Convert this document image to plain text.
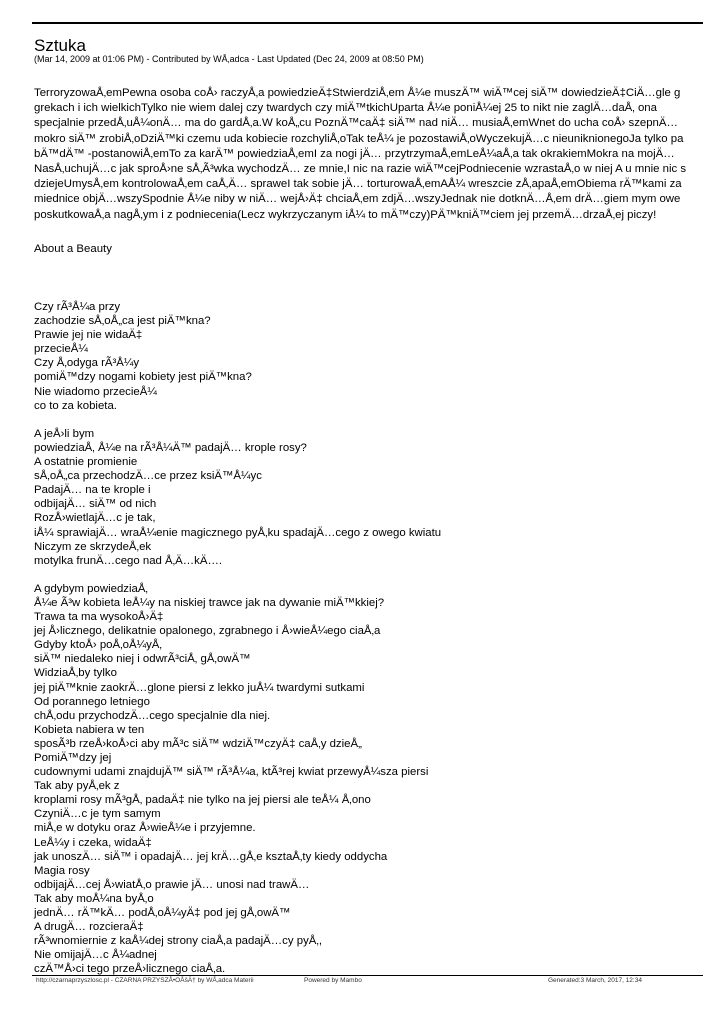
Sztuka
(Mar 14, 2009 at 01:06 PM) - Contributed by WÅ‚adca - Last Updated (Dec 24, 2009 at 08:50 PM)
TerroryzowaÅ‚emPewna osoba coÅ› raczyÅ‚a powiedzieÄ‡StwierdziÅ‚em Å¼e muszÄ™ wiÄ™cej siÄ™ dowiedzieÄ‡CiÄ…gle g
grekach i ich wielkichTylko nie wiem dalej czy twardych czy miÄ™tkichUparta Å¼e poniÅ¼ej 25 to nikt nie zaglÄ…daÅ‚ ona
specjalnie przedÅ‚uÅ¼onÄ… ma do gardÅ‚a.W koÅ„cu PoznÄ™caÄ‡ siÄ™ nad niÄ… musiaÅ‚emWnet do ucha coÅ› szepnÄ…
mokro siÄ™ zrobiÅ‚oDziÄ™ki czemu uda kobiecie rozchyliÅ‚oTak teÅ¼ je pozostawiÅ‚oWyczekujÄ…c nieuniknionegoJa tylko pa
bÄ™dÄ™ -postanowiÅ‚emTo za karÄ™ powiedziaÅ‚emI za nogi jÄ… przytrzymaÅ‚emLeÅ¼aÅ‚a tak okrakiemMokra na mojÄ…
NasÅ‚uchujÄ…c jak sproÅ›ne sÅ‚Ã³wka wychodzÄ… ze mnie,I nic na razie wiÄ™cejPodniecenie wzrastaÅ‚o w niej A u mnie nic s
dziejeUmysÅ‚em kontrolowaÅ‚em caÅ‚Ä… spraweI tak sobie jÄ… torturowaÅ‚emAÅ¼ wreszcie zÅ‚apaÅ‚emObiema rÄ™kami za
miednice objÄ…wszySpodnie Å¼e niby w niÄ… wejÅ›Ä‡ chciaÅ‚em zdjÄ…wszyJednak nie dotknÄ…Å‚em drÄ…giem mym owe
poskutkowaÅ‚a nagÅ‚ym i z podniecenia(Lecz wykrzyczanym iÅ¼ to mÄ™czy)PÄ™kniÄ™ciem jej przemÄ…drzaÅ‚ej piczy!
About a Beauty
Czy rÃ³Å¼a przy
zachodzie sÅ‚oÅ„ca jest piÄ™kna?
Prawie jej nie widaÄ‡
przecieÅ¼
Czy Å‚odyga rÃ³Å¼y
pomiÄ™dzy nogami kobiety jest piÄ™kna?
Nie wiadomo przecieÅ¼
co to za kobieta.
A jeÅ›li bym
powiedziaÅ‚ Å¼e na rÃ³Å¼Ä™ padajÄ… krople rosy?
A ostatnie promienie
sÅ‚oÅ„ca przechodzÄ…ce przez ksiÄ™Å¼yc
PadajÄ… na te krople i
odbijajÄ… siÄ™ od nich
RozÅ›wietlajÄ…c je tak,
iÅ¼ sprawiajÄ… wraÅ¼enie magicznego pyÅ‚ku spadajÄ…cego z owego kwiatu
Niczym ze skrzydeÅ‚ek
motylka frunÄ…cego nad Å‚Ä…kÄ….
A gdybym powiedziaÅ‚
Å¼e Ã³w kobieta leÅ¼y na niskiej trawce jak na dywanie miÄ™kkiej?
Trawa ta ma wysokoÅ›Ä‡
jej Å›licznego, delikatnie opalonego, zgrabnego i Å›wieÅ¼ego ciaÅ‚a
Gdyby ktoÅ› poÅ‚oÅ¼yÅ‚
siÄ™ niedaleko niej i odwrÃ³ciÅ‚ gÅ‚owÄ™
WidziaÅ‚by tylko
jej piÄ™knie zaokrÄ…glone piersi z lekko juÅ¼ twardymi sutkami
Od porannego letniego
chÅ‚odu przychodzÄ…cego specjalnie dla niej.
Kobieta nabiera w ten
sposÃ³b rzeÅ›koÅ›ci aby mÃ³c siÄ™ wdziÄ™czyÄ‡ caÅ‚y dzieÅ„
PomiÄ™dzy jej
cudownymi udami znajdujÄ™ siÄ™ rÃ³Å¼a, ktÃ³rej kwiat przewyÅ¼sza piersi
Tak aby pyÅ‚ek z
kroplami rosy mÃ³gÅ‚ padaÄ‡ nie tylko na jej piersi ale teÅ¼ Å‚ono
CzyniÄ…c je tym samym
miÅ‚e w dotyku oraz Å›wieÅ¼e i przyjemne.
LeÅ¼y i czeka, widaÄ‡
jak unoszÄ… siÄ™ i opadajÄ… jej krÄ…gÅ‚e ksztaÅ‚ty kiedy oddycha
Magia rosy
odbijajÄ…cej Å›wiatÅ‚o prawie jÄ… unosi nad trawÄ…
Tak aby moÅ¼na byÅ‚o
jednÄ… rÄ™kÄ… podÅ‚oÅ¼yÄ‡ pod jej gÅ‚owÄ™
A drugÄ… rozcieraÄ‡
rÃ³wnomiernie z kaÅ¼dej strony ciaÅ‚a padajÄ…cy pyÅ‚,
Nie omijajÄ…c Å¼adnej
czÄ™Å›ci tego przeÅ›licznego ciaÅ‚a.
http://czarnaprzyszlosc.pl - CZARNA PRZYSZÅ•OÅšÄ† by WÅ‚adca Materii	Powered by Mambo	Generated:3 March, 2017, 12:34
